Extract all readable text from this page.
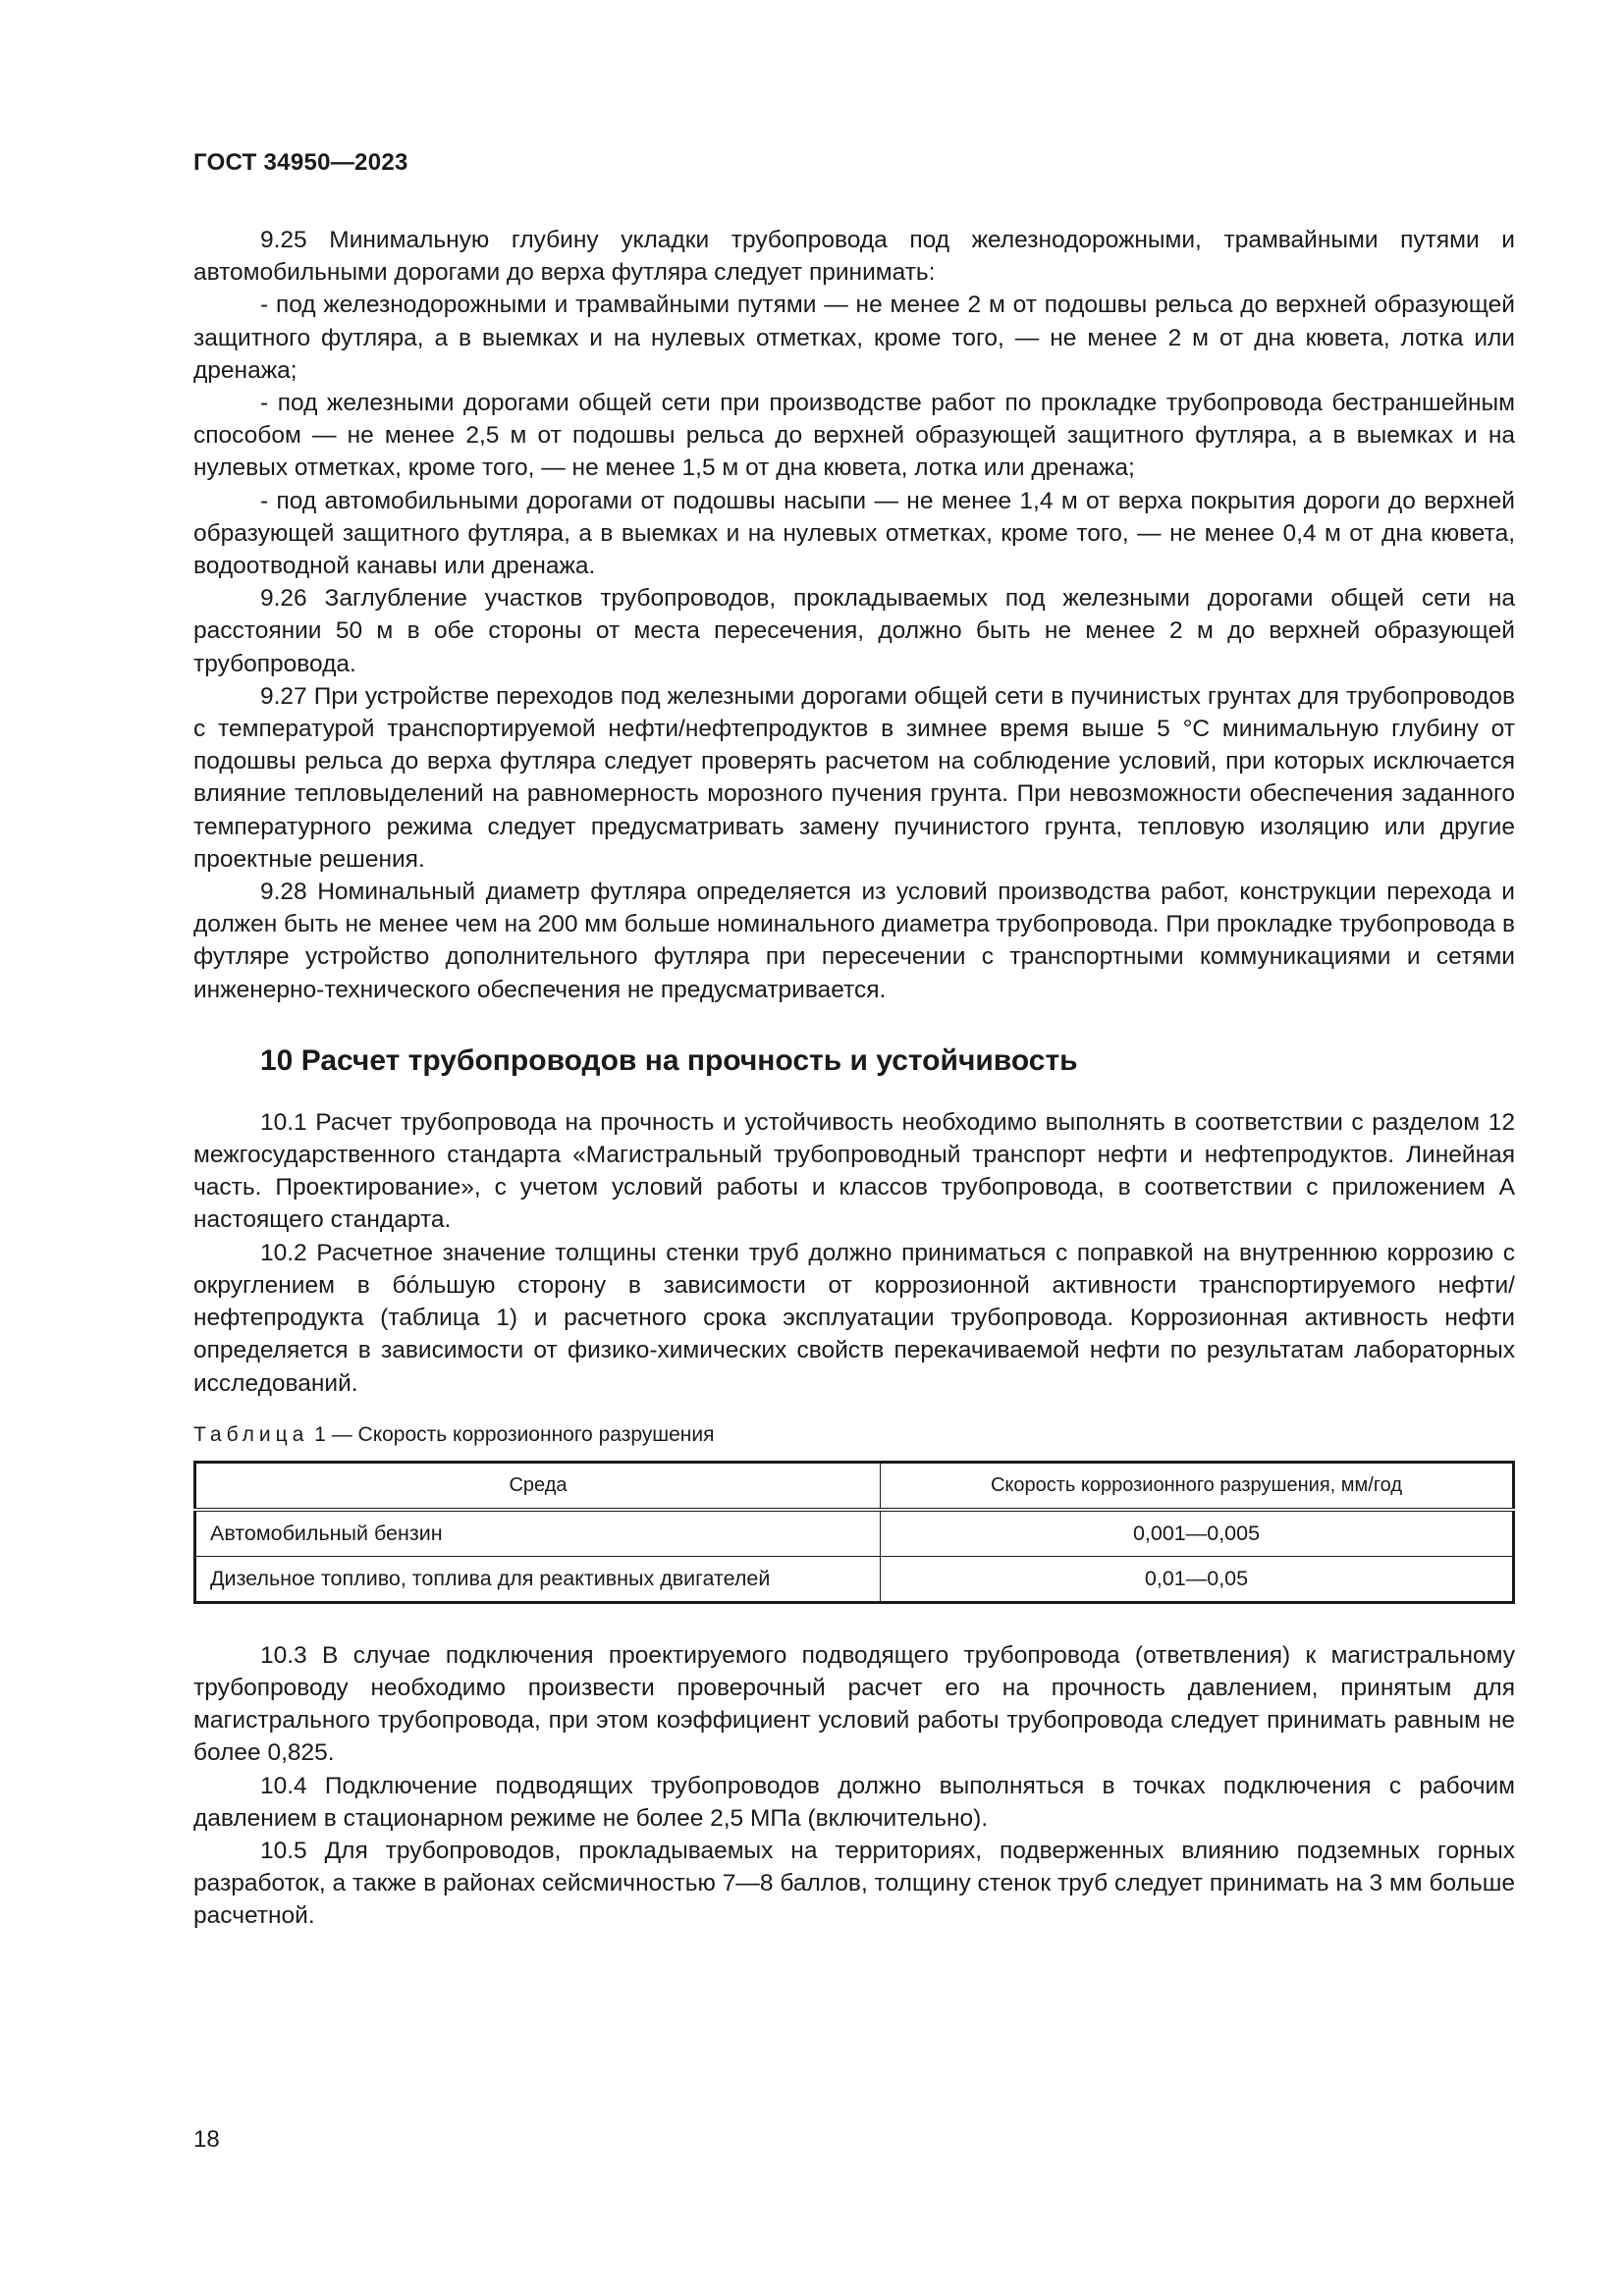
ГОСТ 34950—2023

9.25 Минимальную глубину укладки трубопровода под железнодорожными, трамвайными путями и автомобильными дорогами до верха футляра следует принимать:

- под железнодорожными и трамвайными путями — не менее 2 м от подошвы рельса до верхней образующей защитного футляра, а в выемках и на нулевых отметках, кроме того, — не менее 2 м от дна кювета, лотка или дренажа;

- под железными дорогами общей сети при производстве работ по прокладке трубопровода бестраншейным способом — не менее 2,5 м от подошвы рельса до верхней образующей защитного футляра, а в выемках и на нулевых отметках, кроме того, — не менее 1,5 м от дна кювета, лотка или дренажа;

- под автомобильными дорогами от подошвы насыпи — не менее 1,4 м от верха покрытия дороги до верхней образующей защитного футляра, а в выемках и на нулевых отметках, кроме того, — не менее 0,4 м от дна кювета, водоотводной канавы или дренажа.

9.26 Заглубление участков трубопроводов, прокладываемых под железными дорогами общей сети на расстоянии 50 м в обе стороны от места пересечения, должно быть не менее 2 м до верхней образующей трубопровода.

9.27 При устройстве переходов под железными дорогами общей сети в пучинистых грунтах для трубопроводов с температурой транспортируемой нефти/нефтепродуктов в зимнее время выше 5 °С минимальную глубину от подошвы рельса до верха футляра следует проверять расчетом на соблюдение условий, при которых исключается влияние тепловыделений на равномерность морозного пучения грунта. При невозможности обеспечения заданного температурного режима следует предусматривать замену пучинистого грунта, тепловую изоляцию или другие проектные решения.

9.28 Номинальный диаметр футляра определяется из условий производства работ, конструкции перехода и должен быть не менее чем на 200 мм больше номинального диаметра трубопровода. При прокладке трубопровода в футляре устройство дополнительного футляра при пересечении с транспортными коммуникациями и сетями инженерно-технического обеспечения не предусматривается.

10 Расчет трубопроводов на прочность и устойчивость

10.1 Расчет трубопровода на прочность и устойчивость необходимо выполнять в соответствии с разделом 12 межгосударственного стандарта «Магистральный трубопроводный транспорт нефти и нефтепродуктов. Линейная часть. Проектирование», с учетом условий работы и классов трубопровода, в соответствии с приложением А настоящего стандарта.

10.2 Расчетное значение толщины стенки труб должно приниматься с поправкой на внутреннюю коррозию с округлением в бóльшую сторону в зависимости от коррозионной активности транспортируемого нефти/нефтепродукта (таблица 1) и расчетного срока эксплуатации трубопровода. Коррозионная активность нефти определяется в зависимости от физико-химических свойств перекачиваемой нефти по результатам лабораторных исследований.

Таблица 1 — Скорость коррозионного разрушения
Среда	Скорость коррозионного разрушения, мм/год
Автомобильный бензин	0,001—0,005
Дизельное топливо, топлива для реактивных двигателей	0,01—0,05

10.3 В случае подключения проектируемого подводящего трубопровода (ответвления) к магистральному трубопроводу необходимо произвести проверочный расчет его на прочность давлением, принятым для магистрального трубопровода, при этом коэффициент условий работы трубопровода следует принимать равным не более 0,825.

10.4 Подключение подводящих трубопроводов должно выполняться в точках подключения с рабочим давлением в стационарном режиме не более 2,5 МПа (включительно).

10.5 Для трубопроводов, прокладываемых на территориях, подверженных влиянию подземных горных разработок, а также в районах сейсмичностью 7—8 баллов, толщину стенок труб следует принимать на 3 мм больше расчетной.

18
